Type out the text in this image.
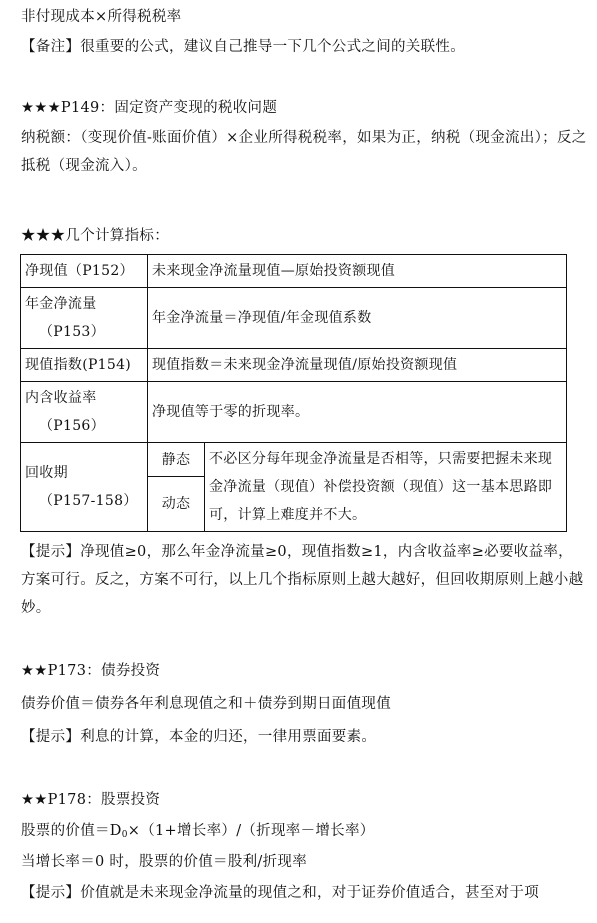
非付现成本×所得税税率
【备注】很重要的公式，建议自己推导一下几个公式之间的关联性。
★★★P149：固定资产变现的税收问题
纳税额：（变现价值-账面价值）×企业所得税税率，如果为正，纳税（现金流出）；反之抵税（现金流入）。
★★★几个计算指标：
净现值（P152）	未来现金净流量现值—原始投资额现值	
年金净流量
（P153）	年金净流量＝净现值/年金现值系数	
现值指数(P154)	现值指数＝未来现金净流量现值/原始投资额现值	
内含收益率
（P156）	净现值等于零的折现率。	
回收期
（P157-158）	静态	不必区分每年现金净流量是否相等，只需要把握未来现金净流量（现值）补偿投资额（现值）这一基本思路即可，计算上难度并不大。
	动态	
【提示】净现值≥0，那么年金净流量≥0，现值指数≥1，内含收益率≥必要收益率，方案可行。反之，方案不可行，以上几个指标原则上越大越好，但回收期原则上越小越妙。
★★P173：债券投资
债券价值＝债券各年利息现值之和＋债券到期日面值现值
【提示】利息的计算，本金的归还，一律用票面要素。
★★P178：股票投资
股票的价值$=D_0\times(1+$增长率）/（折现率－增长率）
当增长率＝0 时，股票的价值＝股利/折现率
【提示】价值就是未来现金净流量的现值之和，对于证券价值适合，甚至对于项
